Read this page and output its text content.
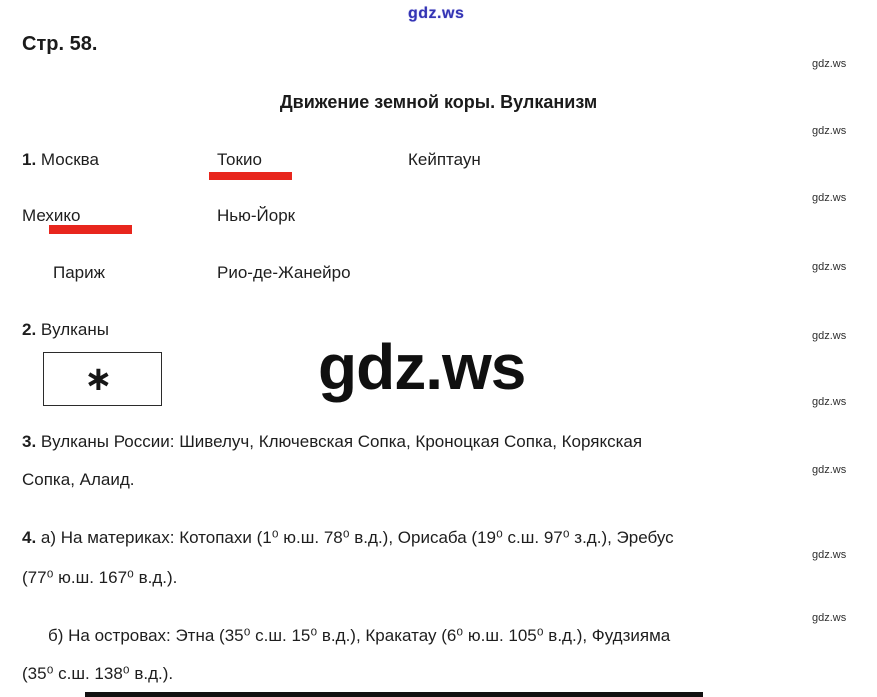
gdz.ws
gdz.ws
gdz.ws
gdz.ws
gdz.ws
gdz.ws
gdz.ws
gdz.ws
gdz.ws
gdz.ws
Стр. 58.
Движение земной коры. Вулканизм
1. Москва	Токио	Кейптаун
Мехико	Нью-Йорк
Париж	Рио-де-Жанейро
2. Вулканы
∗	gdz.ws
3. Вулканы России: Шивелуч, Ключевская Сопка, Кроноцкая Сопка, Корякская
Сопка, Алаид.
4. а) На материках: Котопахи (1⁰ ю.ш. 78⁰ в.д.), Орисаба (19⁰ с.ш. 97⁰ з.д.), Эребус
(77⁰ ю.ш. 167⁰ в.д.).
б) На островах: Этна (35⁰ с.ш. 15⁰ в.д.), Кракатау (6⁰ ю.ш. 105⁰ в.д.), Фудзияма
(35⁰ с.ш. 138⁰ в.д.).
